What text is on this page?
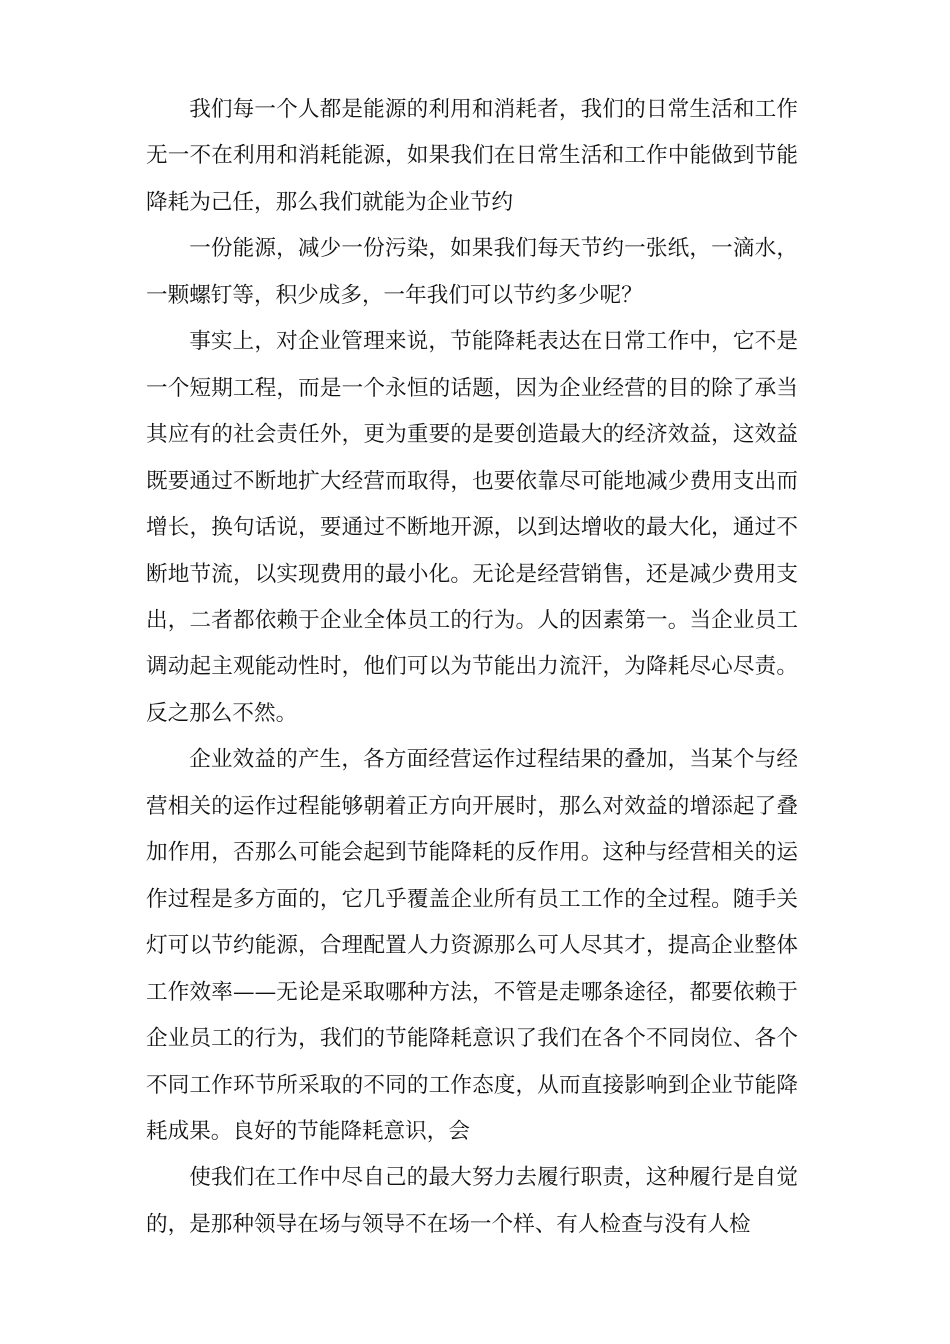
我们每一个人都是能源的利用和消耗者，我们的日常生活和工作无一不在利用和消耗能源，如果我们在日常生活和工作中能做到节能降耗为己任，那么我们就能为企业节约

一份能源，减少一份污染，如果我们每天节约一张纸，一滴水，一颗螺钉等，积少成多，一年我们可以节约多少呢？

事实上，对企业管理来说，节能降耗表达在日常工作中，它不是一个短期工程，而是一个永恒的话题，因为企业经营的目的除了承当其应有的社会责任外，更为重要的是要创造最大的经济效益，这效益既要通过不断地扩大经营而取得，也要依靠尽可能地减少费用支出而增长，换句话说，要通过不断地开源，以到达增收的最大化，通过不断地节流，以实现费用的最小化。无论是经营销售，还是减少费用支出，二者都依赖于企业全体员工的行为。人的因素第一。当企业员工调动起主观能动性时，他们可以为节能出力流汗，为降耗尽心尽责。反之那么不然。

企业效益的产生，各方面经营运作过程结果的叠加，当某个与经营相关的运作过程能够朝着正方向开展时，那么对效益的增添起了叠加作用，否那么可能会起到节能降耗的反作用。这种与经营相关的运作过程是多方面的，它几乎覆盖企业所有员工工作的全过程。随手关灯可以节约能源，合理配置人力资源那么可人尽其才，提高企业整体工作效率——无论是采取哪种方法，不管是走哪条途径，都要依赖于企业员工的行为，我们的节能降耗意识了我们在各个不同岗位、各个不同工作环节所采取的不同的工作态度，从而直接影响到企业节能降耗成果。良好的节能降耗意识，会

使我们在工作中尽自己的最大努力去履行职责，这种履行是自觉的，是那种领导在场与领导不在场一个样、有人检查与没有人检
